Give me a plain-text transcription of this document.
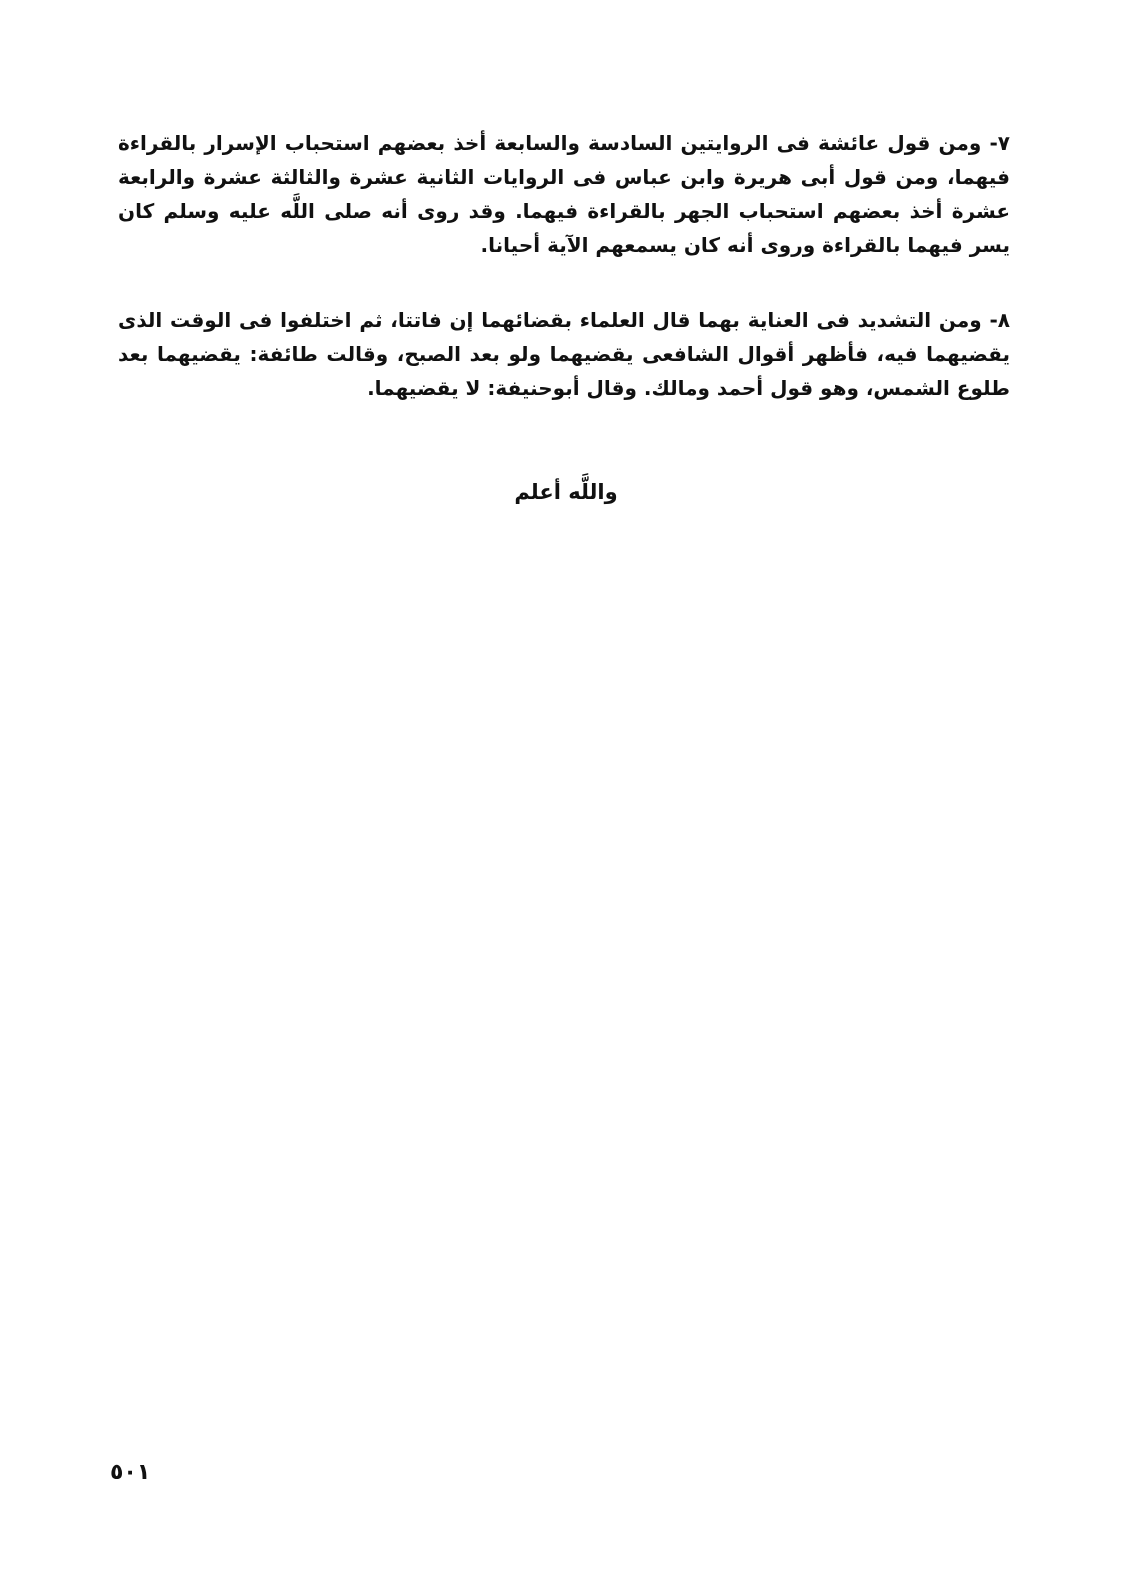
٧- ومن قول عائشة فى الروايتين السادسة والسابعة أخذ بعضهم استحباب الإسرار بالقراءة فيهما، ومن قول أبى هريرة وابن عباس فى الروايات الثانية عشرة والثالثة عشرة والرابعة عشرة أخذ بعضهم استحباب الجهر بالقراءة فيهما. وقد روى أنه صلى اللَّه عليه وسلم كان يسر فيهما بالقراءة وروى أنه كان يسمعهم الآية أحيانا.

٨- ومن التشديد فى العناية بهما قال العلماء بقضائهما إن فاتتا، ثم اختلفوا فى الوقت الذى يقضيهما فيه، فأظهر أقوال الشافعى يقضيهما ولو بعد الصبح، وقالت طائفة: يقضيهما بعد طلوع الشمس، وهو قول أحمد ومالك. وقال أبوحنيفة: لا يقضيهما.

واللَّه أعلم
٥٠١
